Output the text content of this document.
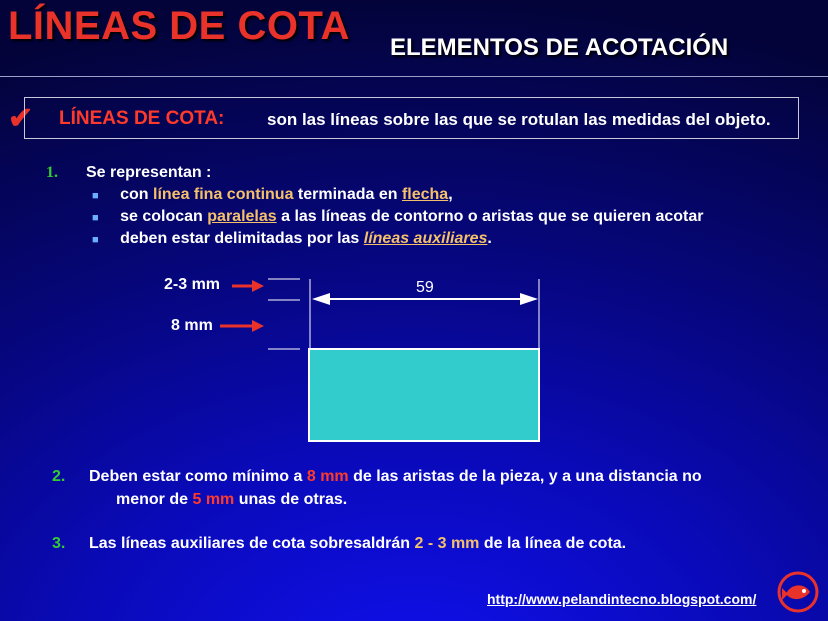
LÍNEAS DE COTA ELEMENTOS DE ACOTACIÓN
✔ LÍNEAS DE COTA:	son las líneas sobre las que se rotulan las medidas del objeto.
1. Se representan :
■ con línea fina continua terminada en flecha,
■ se colocan paralelas a las líneas de contorno o aristas que se quieren acotar
■ deben estar delimitadas por las líneas auxiliares.
2-3 mm
8 mm
59
2. Deben estar como mínimo a 8 mm de las aristas de la pieza, y a una distancia no
menor de 5 mm unas de otras.
3. Las líneas auxiliares de cota sobresaldrán 2 - 3 mm de la línea de cota.
http://www.pelandintecno.blogspot.com/
